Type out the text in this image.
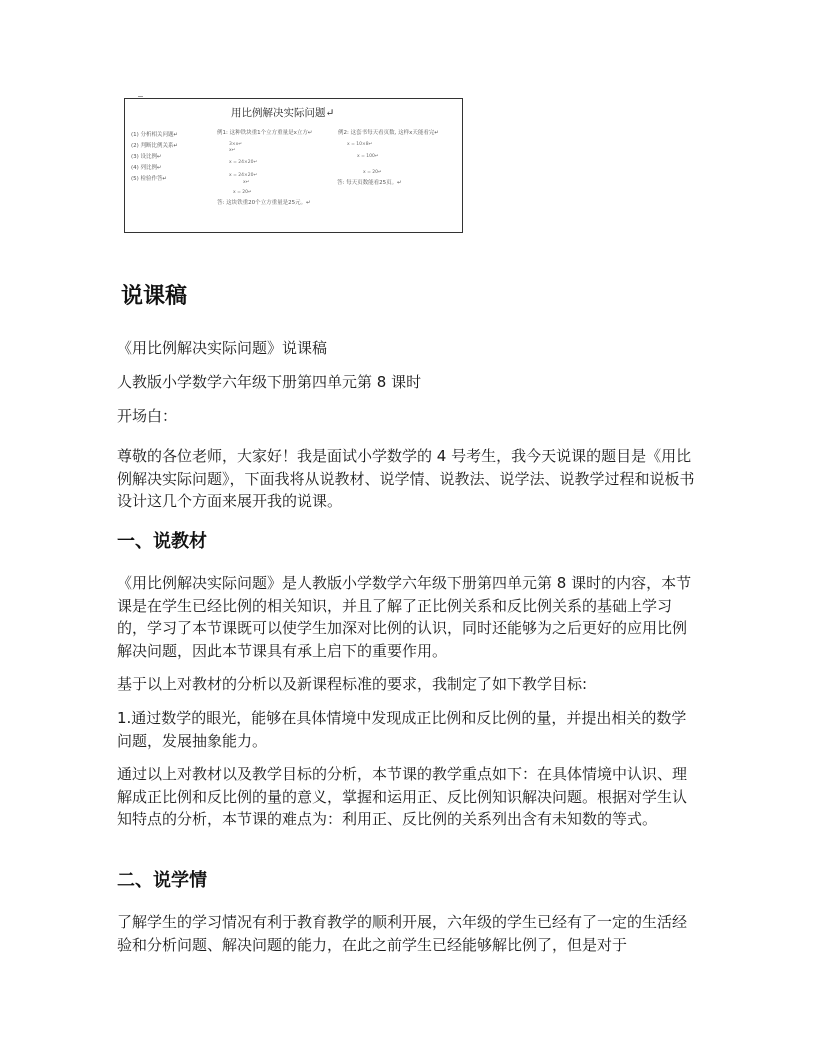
用比例解决实际问题↵
(1) 分析相关问题↵
(2) 判断比例关系↵
(3) 设比例↵
(4) 列比例↵
(5) 检验作答↵
例1: 这种铁块重1个立方重量是x立方↵
3×x↵
x↵
x = 24×20↵
x = 24×20↵
x↵
x = 20↵
答: 这块铁重20个立方重量是25元。↵
例2: 这套书每天看页数, 这样x天能看完↵
x = 10×8↵
x = 100↵
x = 20↵
答: 每天页数能看25页。↵
说课稿

《用比例解决实际问题》说课稿

人教版小学数学六年级下册第四单元第 8 课时

开场白：

尊敬的各位老师，大家好！我是面试小学数学的 4 号考生，我今天说课的题目是《用比例解决实际问题》，下面我将从说教材、说学情、说教法、说学法、说教学过程和说板书设计这几个方面来展开我的说课。

一、说教材

《用比例解决实际问题》是人教版小学数学六年级下册第四单元第 8 课时的内容，本节课是在学生已经比例的相关知识，并且了解了正比例关系和反比例关系的基础上学习的，学习了本节课既可以使学生加深对比例的认识，同时还能够为之后更好的应用比例解决问题，因此本节课具有承上启下的重要作用。

基于以上对教材的分析以及新课程标准的要求，我制定了如下教学目标:

1.通过数学的眼光，能够在具体情境中发现成正比例和反比例的量，并提出相关的数学问题，发展抽象能力。

通过以上对教材以及教学目标的分析，本节课的教学重点如下：在具体情境中认识、理解成正比例和反比例的量的意义，掌握和运用正、反比例知识解决问题。根据对学生认知特点的分析，本节课的难点为：利用正、反比例的关系列出含有未知数的等式。

二、说学情

了解学生的学习情况有利于教育教学的顺利开展，六年级的学生已经有了一定的生活经验和分析问题、解决问题的能力，在此之前学生已经能够解比例了，但是对于
